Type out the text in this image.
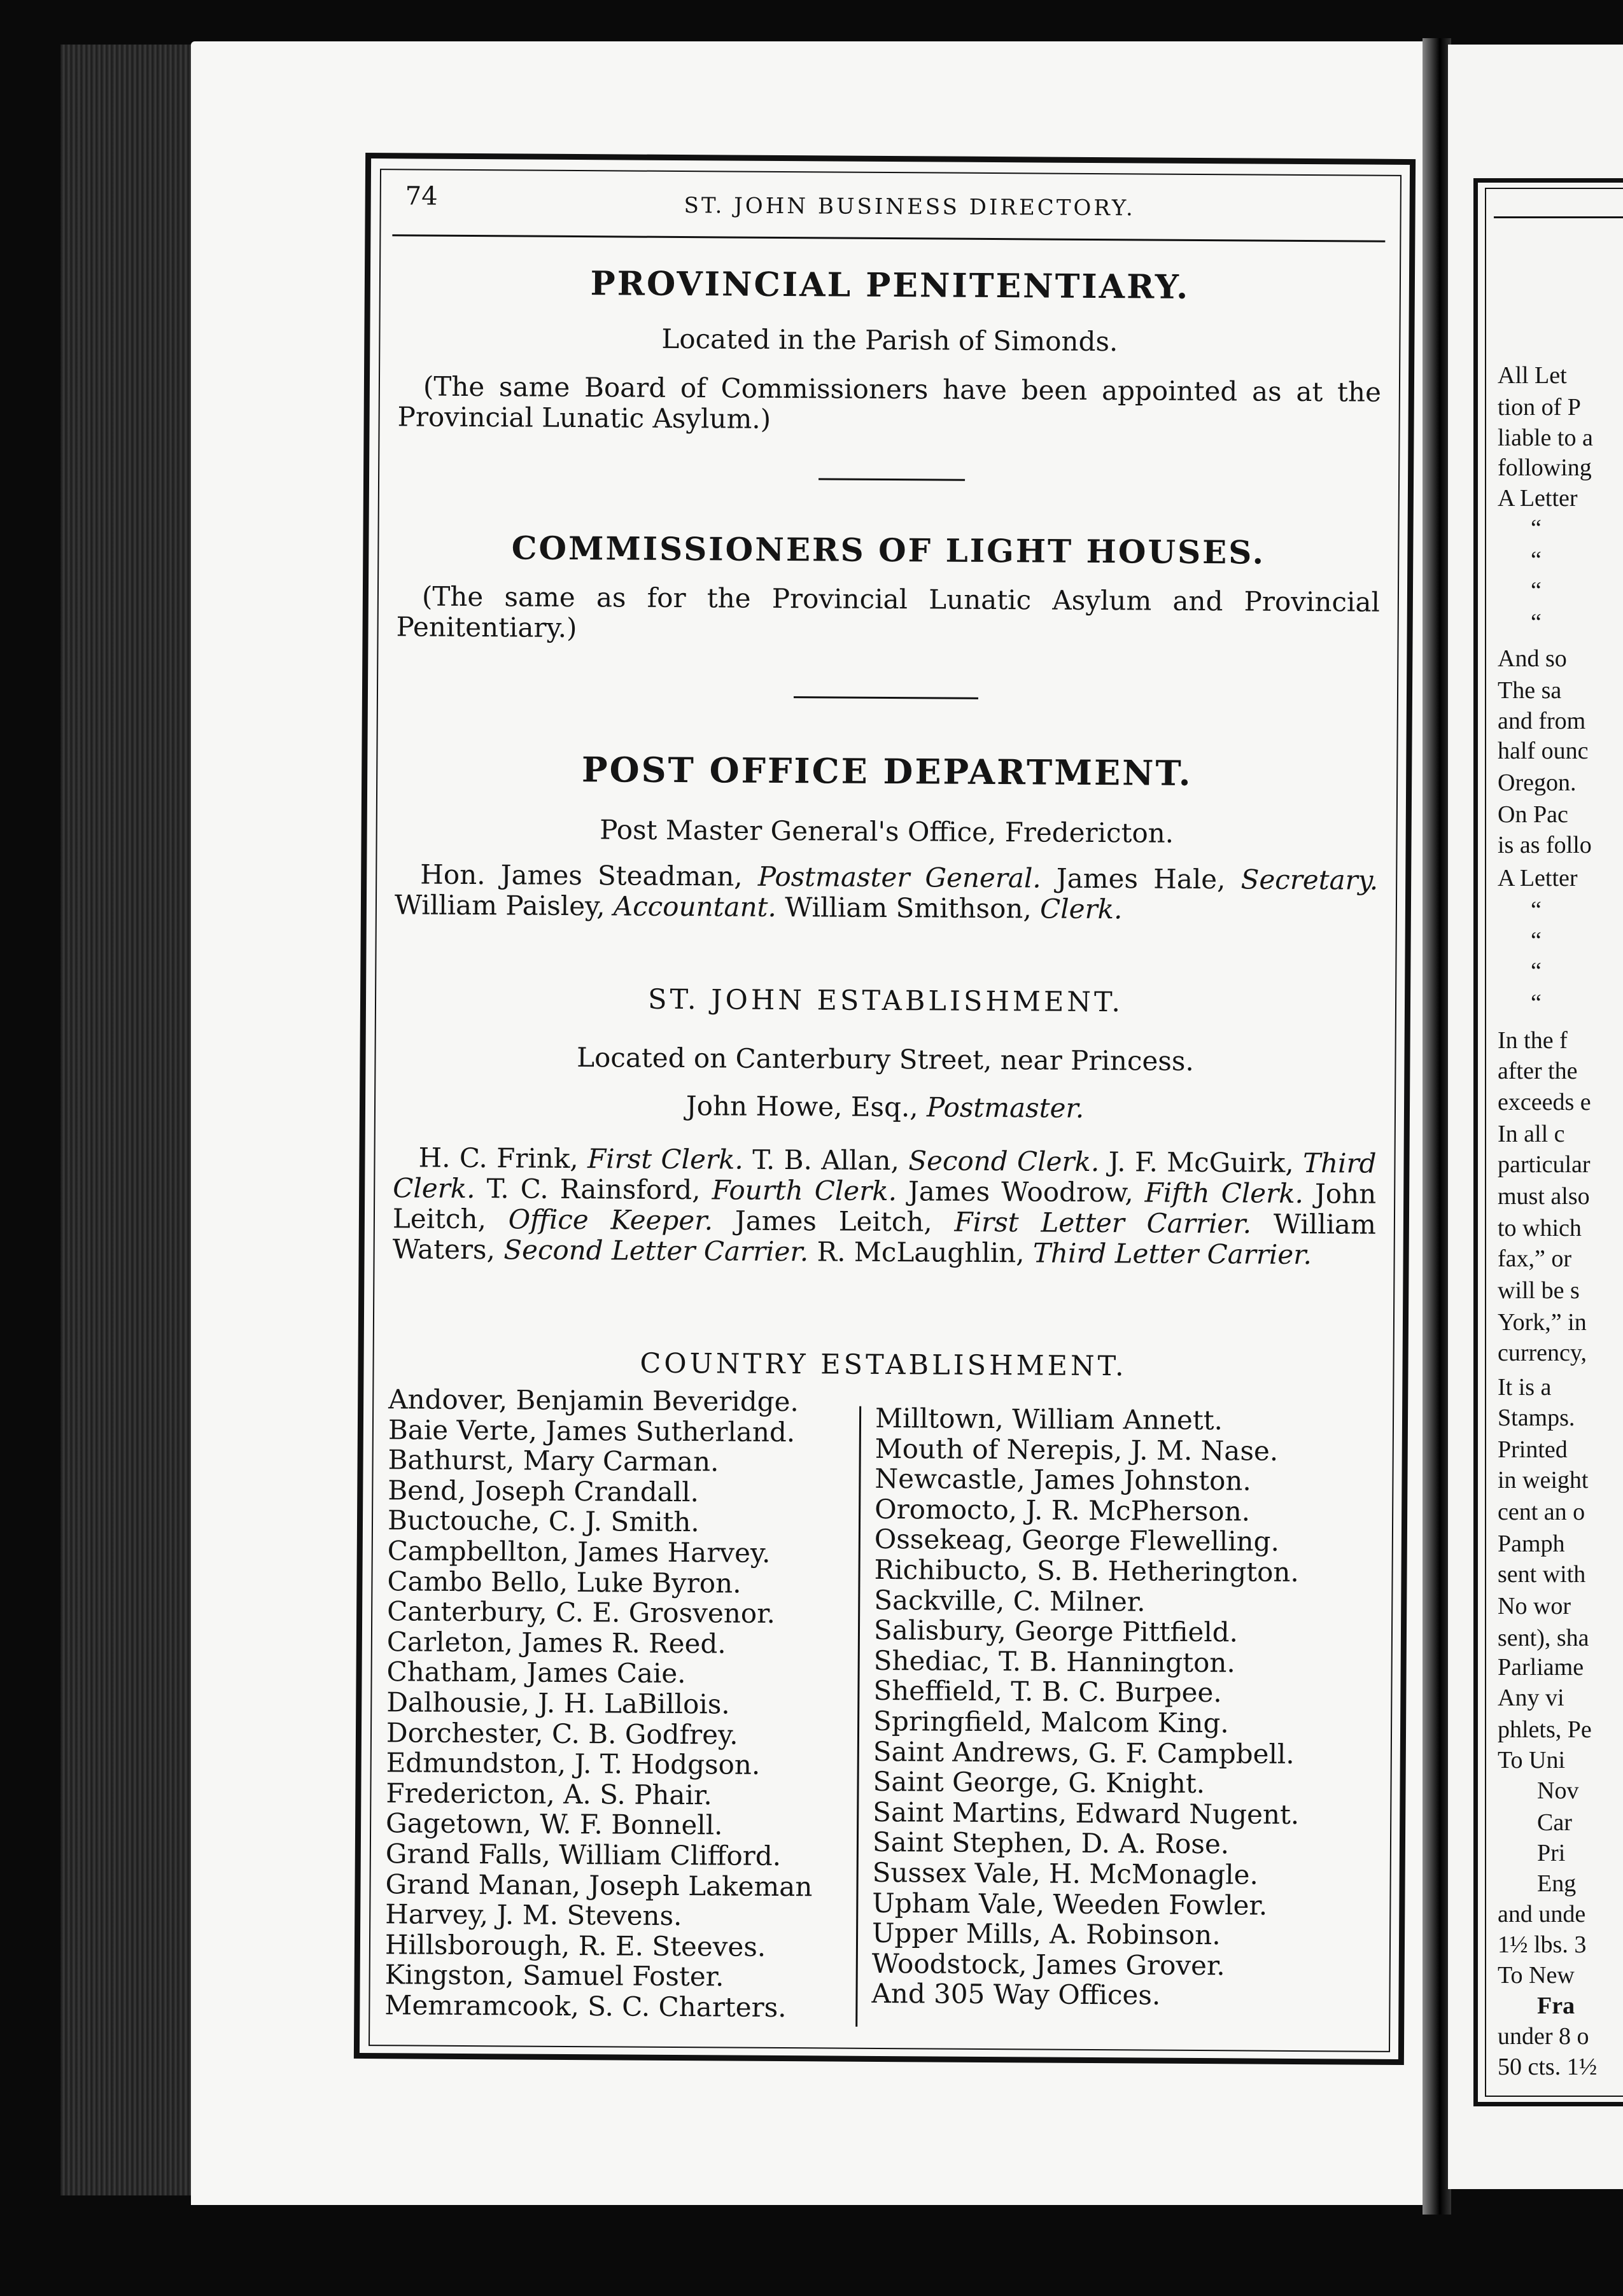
All Let
tion of P
liable to a
following
A Letter
“
“
“
“
And so
The sa
and from
half ounc
Oregon.
On Pac
is as follo
A Letter
“
“
“
“
In the f
after the
exceeds e
In all c
particular
must also
to which
fax,” or
will be s
York,” in
currency,
It is a
Stamps.
Printed
in weight
cent an o
Pamph
sent with
No wor
sent), sha
Parliame
Any vi
phlets, Pe
To Uni
Nov
Car
Pri
Eng
and unde
1½ lbs. 3
To New
Fra
under 8 o
50 cts. 1½
74	ST. JOHN BUSINESS DIRECTORY.
PROVINCIAL PENITENTIARY.
Located in the Parish of Simonds.
(The same Board of Commissioners have been appointed as at the Provincial Lunatic Asylum.)
COMMISSIONERS OF LIGHT HOUSES.
(The same as for the Provincial Lunatic Asylum and Provincial Penitentiary.)
POST OFFICE DEPARTMENT.
Post Master General's Office, Fredericton.
Hon. James Steadman, Postmaster General. James Hale, Secretary. William Paisley, Accountant. William Smithson, Clerk.
ST. JOHN ESTABLISHMENT.
Located on Canterbury Street, near Princess.
John Howe, Esq., Postmaster.
H. C. Frink, First Clerk. T. B. Allan, Second Clerk. J. F. McGuirk, Third Clerk. T. C. Rainsford, Fourth Clerk. James Woodrow, Fifth Clerk. John Leitch, Office Keeper. James Leitch, First Letter Carrier. William Waters, Second Letter Carrier. R. McLaughlin, Third Letter Carrier.
COUNTRY ESTABLISHMENT.
Andover, Benjamin Beveridge.
Baie Verte, James Sutherland.
Bathurst, Mary Carman.
Bend, Joseph Crandall.
Buctouche, C. J. Smith.
Campbellton, James Harvey.
Cambo Bello, Luke Byron.
Canterbury, C. E. Grosvenor.
Carleton, James R. Reed.
Chatham, James Caie.
Dalhousie, J. H. LaBillois.
Dorchester, C. B. Godfrey.
Edmundston, J. T. Hodgson.
Fredericton, A. S. Phair.
Gagetown, W. F. Bonnell.
Grand Falls, William Clifford.
Grand Manan, Joseph Lakeman
Harvey, J. M. Stevens.
Hillsborough, R. E. Steeves.
Kingston, Samuel Foster.
Memramcook, S. C. Charters.
Milltown, William Annett.
Mouth of Nerepis, J. M. Nase.
Newcastle, James Johnston.
Oromocto, J. R. McPherson.
Ossekeag, George Flewelling.
Richibucto, S. B. Hetherington.
Sackville, C. Milner.
Salisbury, George Pittfield.
Shediac, T. B. Hannington.
Sheffield, T. B. C. Burpee.
Springfield, Malcom King.
Saint Andrews, G. F. Campbell.
Saint George, G. Knight.
Saint Martins, Edward Nugent.
Saint Stephen, D. A. Rose.
Sussex Vale, H. McMonagle.
Upham Vale, Weeden Fowler.
Upper Mills, A. Robinson.
Woodstock, James Grover.
And 305 Way Offices.
